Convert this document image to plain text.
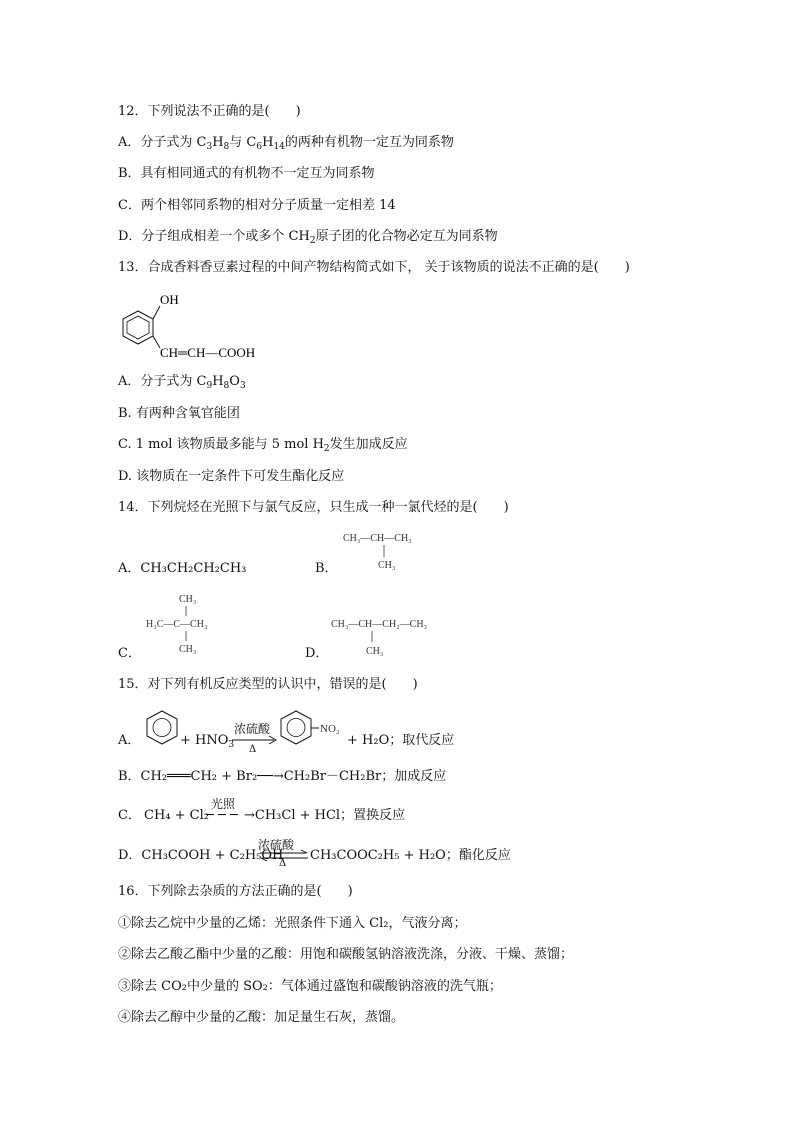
12．下列说法不正确的是(　　)
A．分子式为 $C_3H_8$与 $C_6H_{14}$的两种有机物一定互为同系物
B．具有相同通式的有机物不一定互为同系物
C．两个相邻同系物的相对分子质量一定相差 14
D．分子组成相差一个或多个 $CH_2$原子团的化合物必定互为同系物
13．合成香料香豆素过程的中间产物结构简式如下， 关于该物质的说法不正确的是(　　)
OH
CH═CH—COOH
A．分子式为 $C_9H_8O_3$
B. 有两种含氧官能团
C. 1 mol 该物质最多能与 5 mol $H_2$发生加成反应
D. 该物质在一定条件下可发生酯化反应
14．下列烷烃在光照下与氯气反应，只生成一种一氯代烃的是(　　)
A．CH₃CH₂CH₂CH₃	B．
CH₃—CH—CH₃
CH₃
C．
CH₃
H₃C—C—CH₃
CH₃	D．
CH₃—CH—CH₂—CH₃
CH₃
15．对下列有机反应类型的认识中，错误的是(　　)
A．	+ $HNO_3$
浓硫酸
Δ
NO₂
+ H₂O；取代反应
B．CH₂═══CH₂ + Br₂──→CH₂Br－CH₂Br；加成反应
C． CH₄ + Cl₂
光照
─ ─ ─ →CH₃Cl + HCl；置换反应
D．CH₃COOH + C₂H₅OH
浓硫酸
Δ
CH₃COOC₂H₅ + H₂O；酯化反应
16．下列除去杂质的方法正确的是(　　)
①除去乙烷中少量的乙烯：光照条件下通入 Cl₂，气液分离；
②除去乙酸乙酯中少量的乙酸：用饱和碳酸氢钠溶液洗涤，分液、干燥、蒸馏；
③除去 CO₂中少量的 SO₂：气体通过盛饱和碳酸钠溶液的洗气瓶；
④除去乙醇中少量的乙酸：加足量生石灰，蒸馏。
